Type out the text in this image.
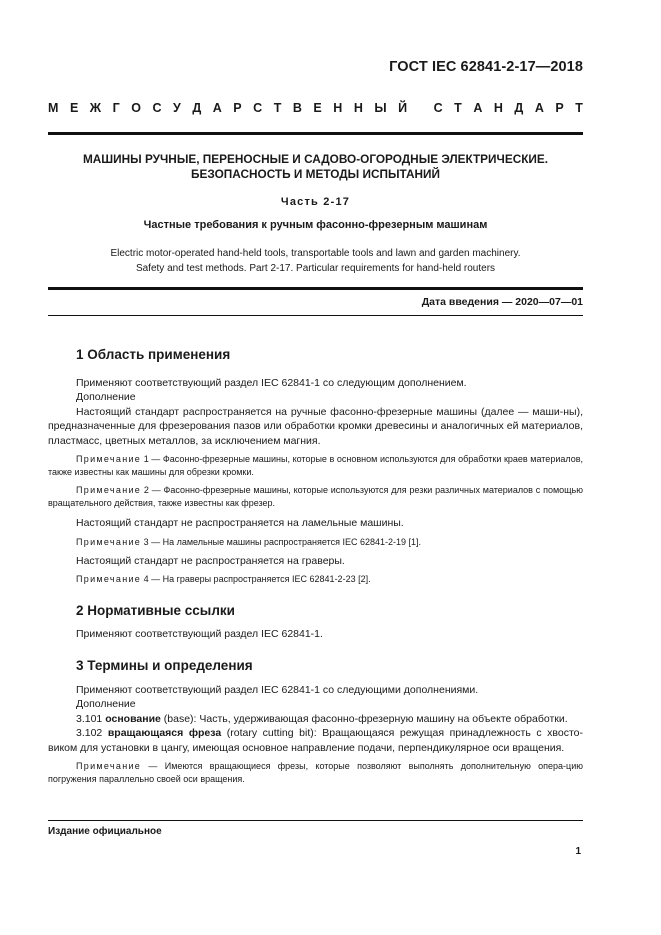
ГОСТ IEC 62841-2-17—2018
М Е Ж Г О С У Д А Р С Т В Е Н Н Ы Й
С Т А Н Д А Р Т
МАШИНЫ РУЧНЫЕ, ПЕРЕНОСНЫЕ И САДОВО-ОГОРОДНЫЕ ЭЛЕКТРИЧЕСКИЕ.
БЕЗОПАСНОСТЬ И МЕТОДЫ ИСПЫТАНИЙ
Часть 2-17
Частные требования к ручным фасонно-фрезерным машинам
Electric motor-operated hand-held tools, transportable tools and lawn and garden machinery.
Safety and test methods. Part 2-17. Particular requirements for hand-held routers
Дата введения — 2020—07—01
1 Область применения

Применяют соответствующий раздел IEC 62841-1 со следующим дополнением.

Дополнение

Настоящий стандарт распространяется на ручные фасонно-фрезерные машины (далее — маши-ны), предназначенные для фрезерования пазов или обработки кромки древесины и аналогичных ей материалов, пластмасс, цветных металлов, за исключением магния.

Примечание 1 — Фасонно-фрезерные машины, которые в основном используются для обработки краев материалов, также известны как машины для обрезки кромки.

Примечание 2 — Фасонно-фрезерные машины, которые используются для резки различных материалов с помощью вращательного действия, также известны как фрезер.

Настоящий стандарт не распространяется на ламельные машины.

Примечание 3 — На ламельные машины распространяется IEC 62841-2-19 [1].

Настоящий стандарт не распространяется на граверы.

Примечание 4 — На граверы распространяется IEC 62841-2-23 [2].

2 Нормативные ссылки

Применяют соответствующий раздел IEC 62841-1.

3 Термины и определения

Применяют соответствующий раздел IEC 62841-1 со следующими дополнениями.

Дополнение

3.101 основание (base): Часть, удерживающая фасонно-фрезерную машину на объекте обработки.

3.102 вращающаяся фреза (rotary cutting bit): Вращающаяся режущая принадлежность с хвосто-виком для установки в цангу, имеющая основное направление подачи, перпендикулярное оси вращения.

Примечание — Имеются вращающиеся фрезы, которые позволяют выполнять дополнительную опера-цию погружения параллельно своей оси вращения.

Издание официальное
1
